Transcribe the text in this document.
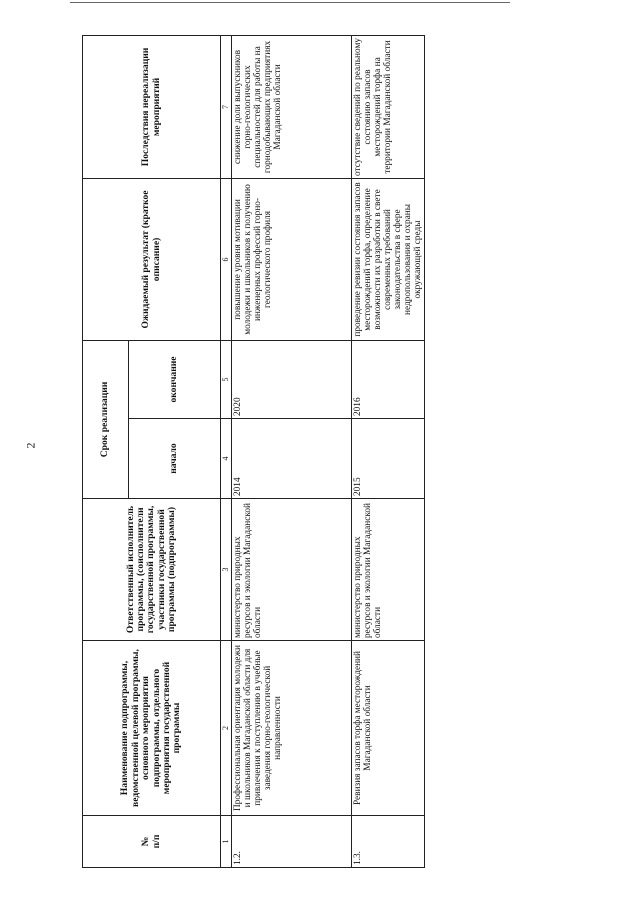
2
№
п/п	Наименование подпрограммы, ведомственной целевой программы, основного мероприятия подпрограммы, отдельного мероприятия государственной программы	Ответственный исполнитель программы, (соисполнители государственной программы, участники государственной программы (подпрограммы)	Срок реализации		Ожидаемый результат (краткое описание)	Последствия нереализации мероприятий
			начало	окончание		
1	2	3	4	5	6	7
1.2.	Профессиональная ориентация молодежи и школьников Магаданской области для привлечения к поступлению в учебные заведения горно-геологической направленности	министерство природных ресурсов и экологии Магаданской области	2014	2020	повышение уровня мотивации молодежи и школьников к получению инженерных профессий горно-геологического профиля	снижение доли выпускников горно-геологических специальностей для работы на горнодобывающих предприятиях Магаданской области
1.3.	Ревизия запасов торфа месторождений Магаданской области	министерство природных ресурсов и экологии Магаданской области	2015	2016	проведение ревизии состояния запасов месторождений торфа, определение возможности их разработки в свете современных требований законодательства в сфере недропользования и охраны окружающей среды	отсутствие сведений по реальному состоянию запасов месторождений торфа на территории Магаданской области
